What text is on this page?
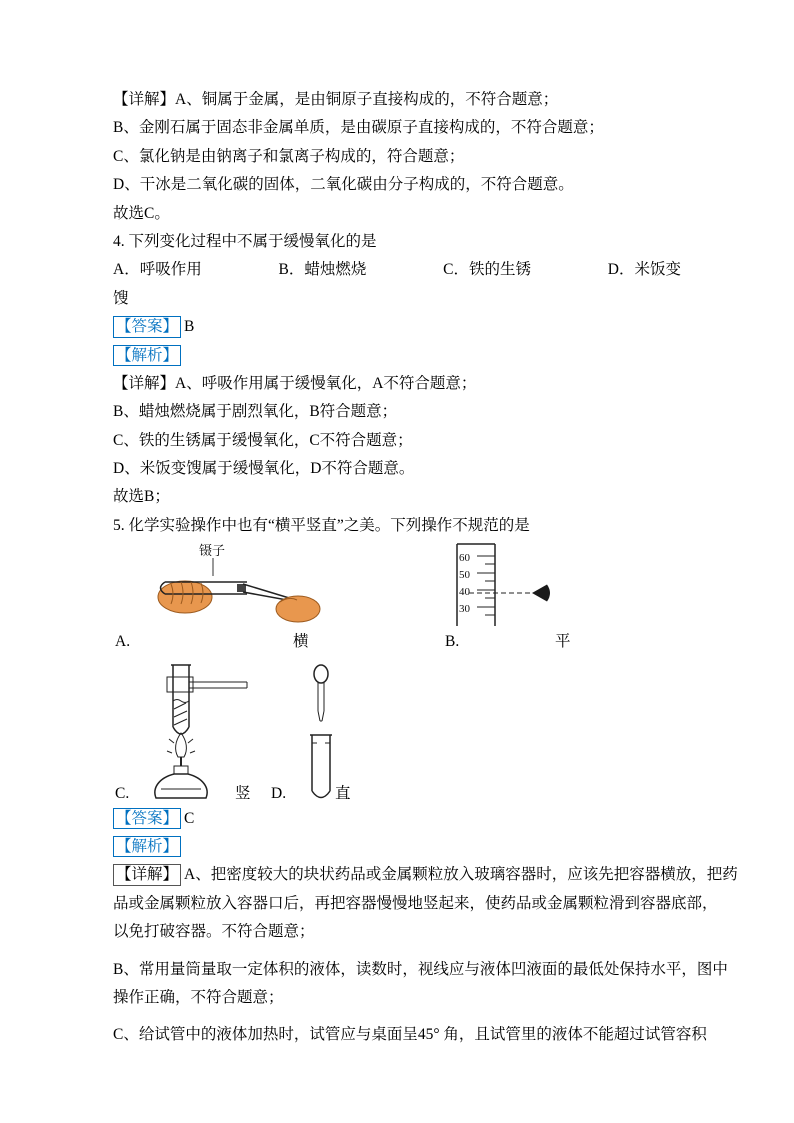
【详解】A、铜属于金属，是由铜原子直接构成的，不符合题意；
B、金刚石属于固态非金属单质，是由碳原子直接构成的，不符合题意；
C、氯化钠是由钠离子和氯离子构成的，符合题意；
D、干冰是二氧化碳的固体，二氧化碳由分子构成的，不符合题意。
故选C。
4. 下列变化过程中不属于缓慢氧化的是
A．呼吸作用	B．蜡烛燃烧	C．铁的生锈	D．米饭变
馊
【答案】 B
【解析】
【详解】A、呼吸作用属于缓慢氧化，A不符合题意；
B、蜡烛燃烧属于剧烈氧化，B符合题意；
C、铁的生锈属于缓慢氧化，C不符合题意；
D、米饭变馊属于缓慢氧化，D不符合题意。
故选B；
5. 化学实验操作中也有“横平竖直”之美。下列操作不规范的是
镊子	60
50
40
30
A.	横	B.	平
C.	竖 D.	直
【答案】 C
【解析】
【详解】 A、把密度较大的块状药品或金属颗粒放入玻璃容器时，应该先把容器横放，把药
品或金属颗粒放入容器口后，再把容器慢慢地竖起来，使药品或金属颗粒滑到容器底部，
以免打破容器。不符合题意；
B、常用量筒量取一定体积的液体，读数时，视线应与液体凹液面的最低处保持水平，图中
操作正确，不符合题意；
C、给试管中的液体加热时，试管应与桌面呈45° 角，且试管里的液体不能超过试管容积
